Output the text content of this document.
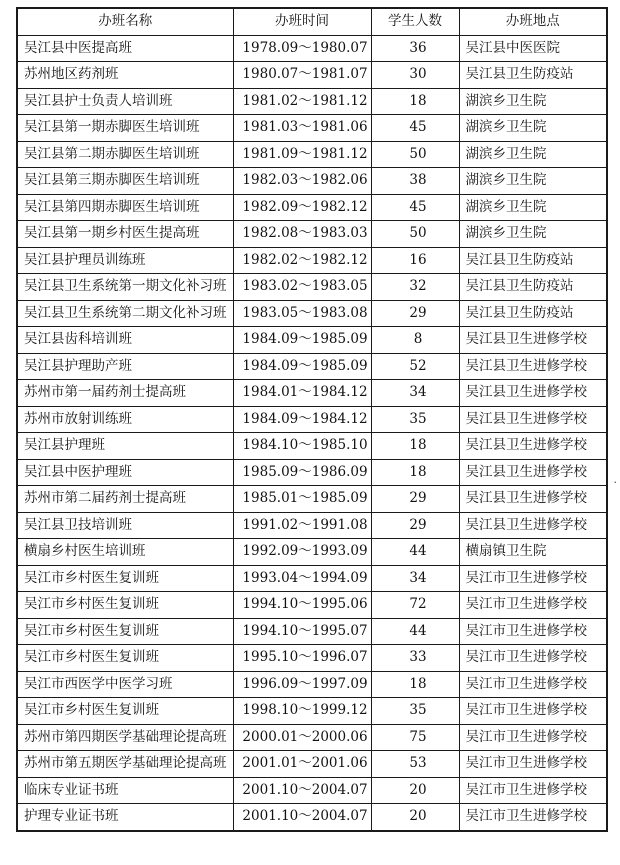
办班名称	办班时间	学生人数	办班地点
吴江县中医提高班	1978.09～1980.07	36	吴江县中医医院
苏州地区药剂班	1980.07～1981.07	30	吴江县卫生防疫站
吴江县护士负责人培训班	1981.02～1981.12	18	湖滨乡卫生院
吴江县第一期赤脚医生培训班	1981.03～1981.06	45	湖滨乡卫生院
吴江县第二期赤脚医生培训班	1981.09～1981.12	50	湖滨乡卫生院
吴江县第三期赤脚医生培训班	1982.03～1982.06	38	湖滨乡卫生院
吴江县第四期赤脚医生培训班	1982.09～1982.12	45	湖滨乡卫生院
吴江县第一期乡村医生提高班	1982.08～1983.03	50	湖滨乡卫生院
吴江县护理员训练班	1982.02～1982.12	16	吴江县卫生防疫站
吴江县卫生系统第一期文化补习班	1983.02～1983.05	32	吴江县卫生防疫站
吴江县卫生系统第二期文化补习班	1983.05～1983.08	29	吴江县卫生防疫站
吴江县齿科培训班	1984.09～1985.09	8	吴江县卫生进修学校
吴江县护理助产班	1984.09～1985.09	52	吴江县卫生进修学校
苏州市第一届药剂士提高班	1984.01～1984.12	34	吴江县卫生进修学校
苏州市放射训练班	1984.09～1984.12	35	吴江县卫生进修学校
吴江县护理班	1984.10～1985.10	18	吴江县卫生进修学校
吴江县中医护理班	1985.09～1986.09	18	吴江县卫生进修学校
苏州市第二届药剂士提高班	1985.01～1985.09	29	吴江县卫生进修学校
吴江县卫技培训班	1991.02～1991.08	29	吴江县卫生进修学校
横扇乡村医生培训班	1992.09～1993.09	44	横扇镇卫生院
吴江市乡村医生复训班	1993.04～1994.09	34	吴江市卫生进修学校
吴江市乡村医生复训班	1994.10～1995.06	72	吴江市卫生进修学校
吴江市乡村医生复训班	1994.10～1995.07	44	吴江市卫生进修学校
吴江市乡村医生复训班	1995.10～1996.07	33	吴江市卫生进修学校
吴江市西医学中医学习班	1996.09～1997.09	18	吴江市卫生进修学校
吴江市乡村医生复训班	1998.10～1999.12	35	吴江市卫生进修学校
苏州市第四期医学基础理论提高班	2000.01～2000.06	75	吴江市卫生进修学校
苏州市第五期医学基础理论提高班	2001.01～2001.06	53	吴江市卫生进修学校
临床专业证书班	2001.10～2004.07	20	吴江市卫生进修学校
护理专业证书班	2001.10～2004.07	20	吴江市卫生进修学校
·
